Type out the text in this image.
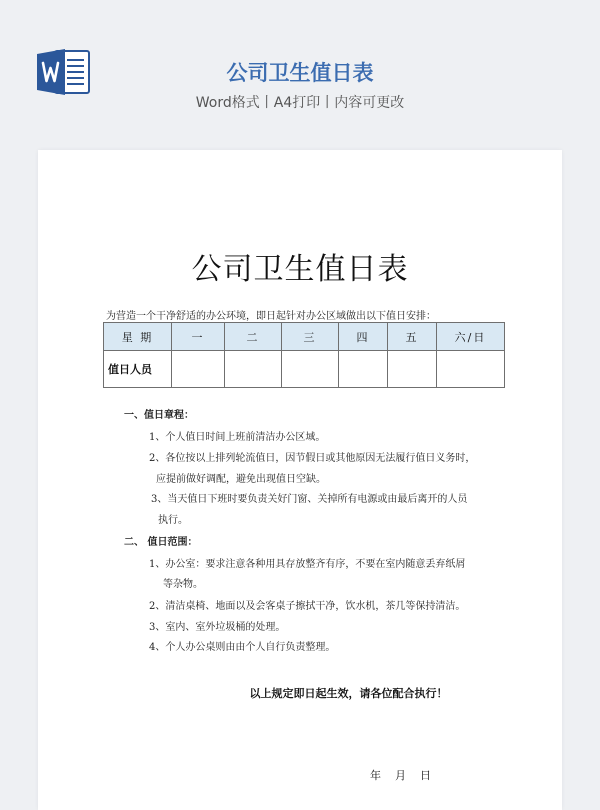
公司卫生值日表
Word格式丨A4打印丨内容可更改
公司卫生值日表
为营造一个干净舒适的办公环境，即日起针对办公区域做出以下值日安排：
星 期	一	二	三	四	五	六/日
值日人员						
一、值日章程：
1、个人值日时间上班前清洁办公区域。
2、各位按以上排列轮流值日，因节假日或其他原因无法履行值日义务时，
应提前做好调配，避免出现值日空缺。
3、当天值日下班时要负责关好门窗、关掉所有电源或由最后离开的人员
执行。
二、 值日范围：
1、办公室：要求注意各种用具存放整齐有序，不要在室内随意丢弃纸屑
等杂物。
2、清洁桌椅、地面以及会客桌子擦拭干净，饮水机，茶几等保持清洁。
3、室内、室外垃圾桶的处理。
4、个人办公桌则由由个人自行负责整理。
以上规定即日起生效，请各位配合执行！
年    月    日
